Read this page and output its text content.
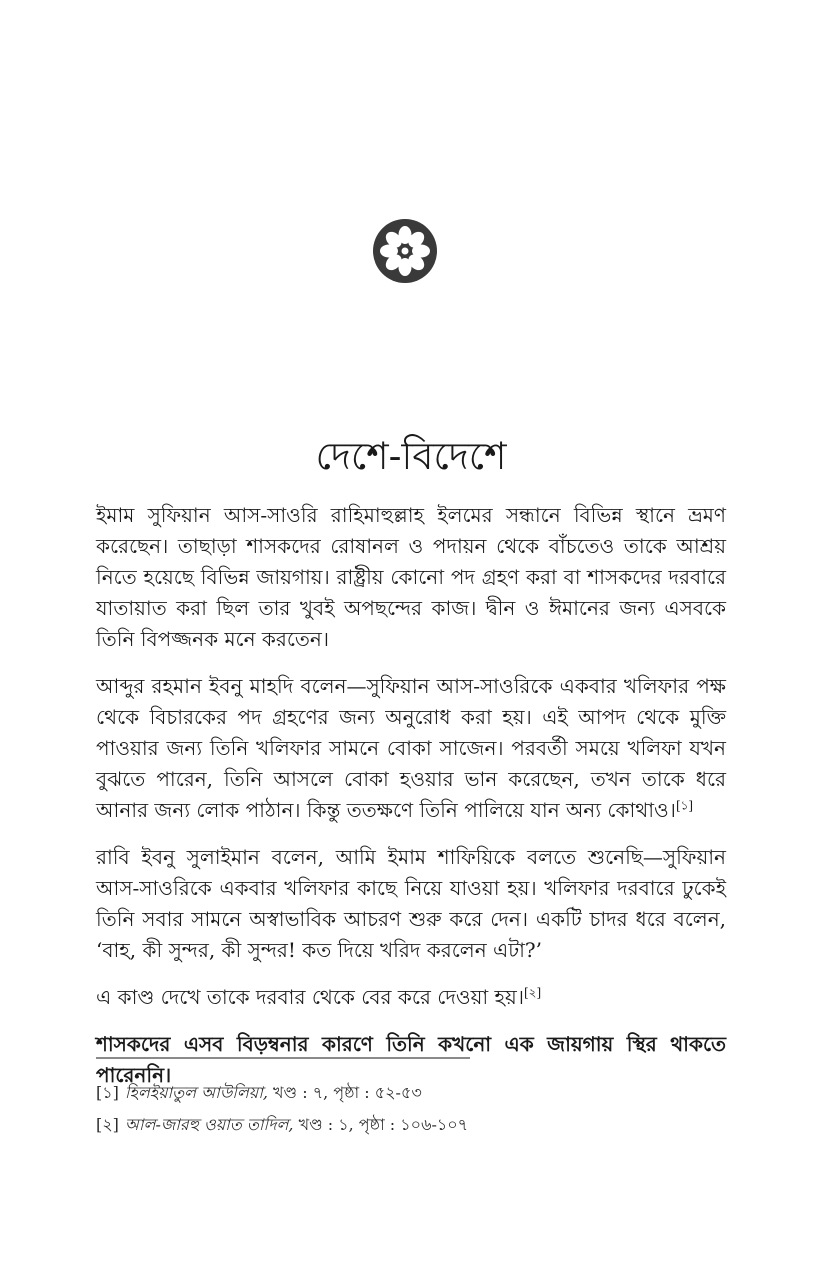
দেশে-বিদেশে

ইমাম সুফিয়ান আস-সাওরি রাহিমাহুল্লাহ ইলমের সন্ধানে বিভিন্ন স্থানে ভ্রমণ করেছেন। তাছাড়া শাসকদের রোষানল ও পদায়ন থেকে বাঁচতেও তাকে আশ্রয় নিতে হয়েছে বিভিন্ন জায়গায়। রাষ্ট্রীয় কোনো পদ গ্রহণ করা বা শাসকদের দরবারে যাতায়াত করা ছিল তার খুবই অপছন্দের কাজ। দ্বীন ও ঈমানের জন্য এসবকে তিনি বিপজ্জনক মনে করতেন।

আব্দুর রহমান ইবনু মাহদি বলেন—সুফিয়ান আস-সাওরিকে একবার খলিফার পক্ষ থেকে বিচারকের পদ গ্রহণের জন্য অনুরোধ করা হয়। এই আপদ থেকে মুক্তি পাওয়ার জন্য তিনি খলিফার সামনে বোকা সাজেন। পরবর্তী সময়ে খলিফা যখন বুঝতে পারেন, তিনি আসলে বোকা হওয়ার ভান করেছেন, তখন তাকে ধরে আনার জন্য লোক পাঠান। কিন্তু ততক্ষণে তিনি পালিয়ে যান অন্য কোথাও।[১]

রাবি ইবনু সুলাইমান বলেন, আমি ইমাম শাফিয়িকে বলতে শুনেছি—সুফিয়ান আস-সাওরিকে একবার খলিফার কাছে নিয়ে যাওয়া হয়। খলিফার দরবারে ঢুকেই তিনি সবার সামনে অস্বাভাবিক আচরণ শুরু করে দেন। একটি চাদর ধরে বলেন, ‘বাহ, কী সুন্দর, কী সুন্দর! কত দিয়ে খরিদ করলেন এটা?’

এ কাণ্ড দেখে তাকে দরবার থেকে বের করে দেওয়া হয়।[২]

শাসকদের এসব বিড়ম্বনার কারণে তিনি কখনো এক জায়গায় স্থির থাকতে পারেননি।

[১] হিলইয়াতুল আউলিয়া, খণ্ড : ৭, পৃষ্ঠা : ৫২-৫৩

[২] আল-জারহু ওয়াত তাদিল, খণ্ড : ১, পৃষ্ঠা : ১০৬-১০৭
